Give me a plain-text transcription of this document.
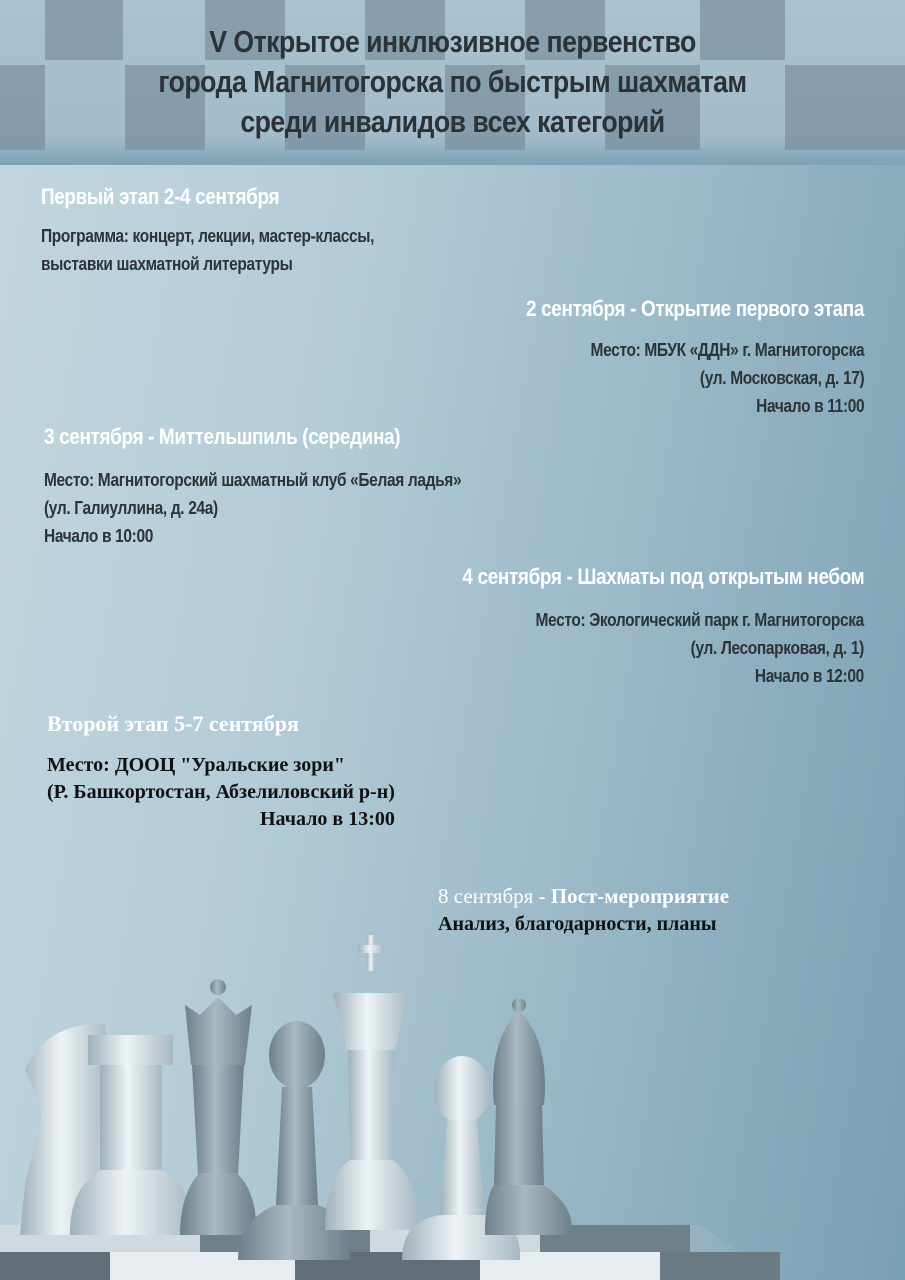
V Открытое инклюзивное первенство
города Магнитогорска по быстрым шахматам
среди инвалидов всех категорий
Первый этап 2-4 сентября
Программа: концерт, лекции, мастер-классы,
выставки шахматной литературы
2 сентября - Открытие первого этапа
Место: МБУК «ДДН» г. Магнитогорска
(ул. Московская, д. 17)
Начало в 11:00
3 сентября - Миттельшпиль (середина)
Место: Магнитогорский шахматный клуб «Белая ладья»
(ул. Галиуллина, д. 24а)
Начало в 10:00
4 сентября - Шахматы под открытым небом
Место: Экологический парк г. Магнитогорска
(ул. Лесопарковая, д. 1)
Начало в 12:00
Второй этап 5-7 сентября
Место: ДООЦ "Уральские зори"
(Р. Башкортостан, Абзелиловский р-н)
Начало в 13:00
8 сентября - Пост-мероприятие
Анализ, благодарности, планы
